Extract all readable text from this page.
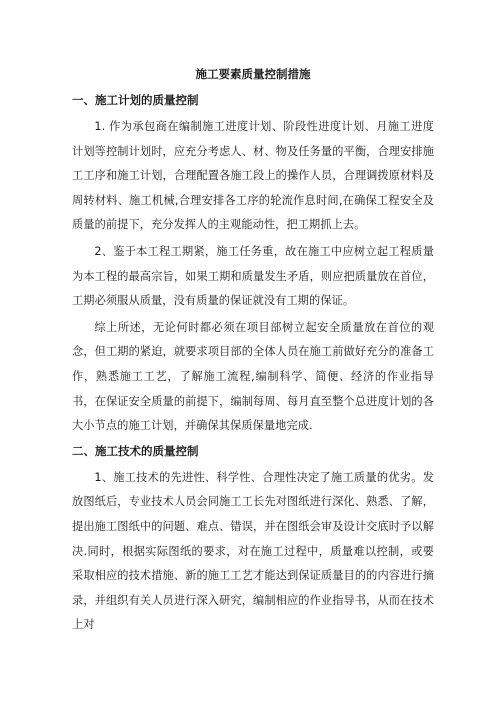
施工要素质量控制措施
一、施工计划的质量控制

1. 作为承包商在编制施工进度计划、阶段性进度计划、月施工进度计划等控制计划时，应充分考虑人、材、物及任务量的平衡，合理安排施工工序和施工计划，合理配置各施工段上的操作人员，合理调拨原材料及周转材料、施工机械,合理安排各工序的轮流作息时间,在确保工程安全及质量的前提下，充分发挥人的主观能动性，把工期抓上去。

2、鉴于本工程工期紧，施工任务重，故在施工中应树立起工程质量为本工程的最高宗旨，如果工期和质量发生矛盾，则应把质量放在首位，工期必须服从质量，没有质量的保证就没有工期的保证。

综上所述，无论何时都必须在项目部树立起安全质量放在首位的观念，但工期的紧迫，就要求项目部的全体人员在施工前做好充分的准备工作，熟悉施工工艺，了解施工流程,编制科学、简便、经济的作业指导书，在保证安全质量的前提下，编制每周、每月直至整个总进度计划的各大小节点的施工计划，并确保其保质保量地完成.

二、施工技术的质量控制

1、施工技术的先进性、科学性、合理性决定了施工质量的优劣。发放图纸后，专业技术人员会同施工工长先对图纸进行深化、熟悉、了解，提出施工图纸中的问题、难点、错误，并在图纸会审及设计交底时予以解决.同时，根据实际图纸的要求，对在施工过程中，质量难以控制，或要采取相应的技术措施、新的施工工艺才能达到保证质量目的的内容进行摘录，并组织有关人员进行深入研究，编制相应的作业指导书，从而在技术上对
